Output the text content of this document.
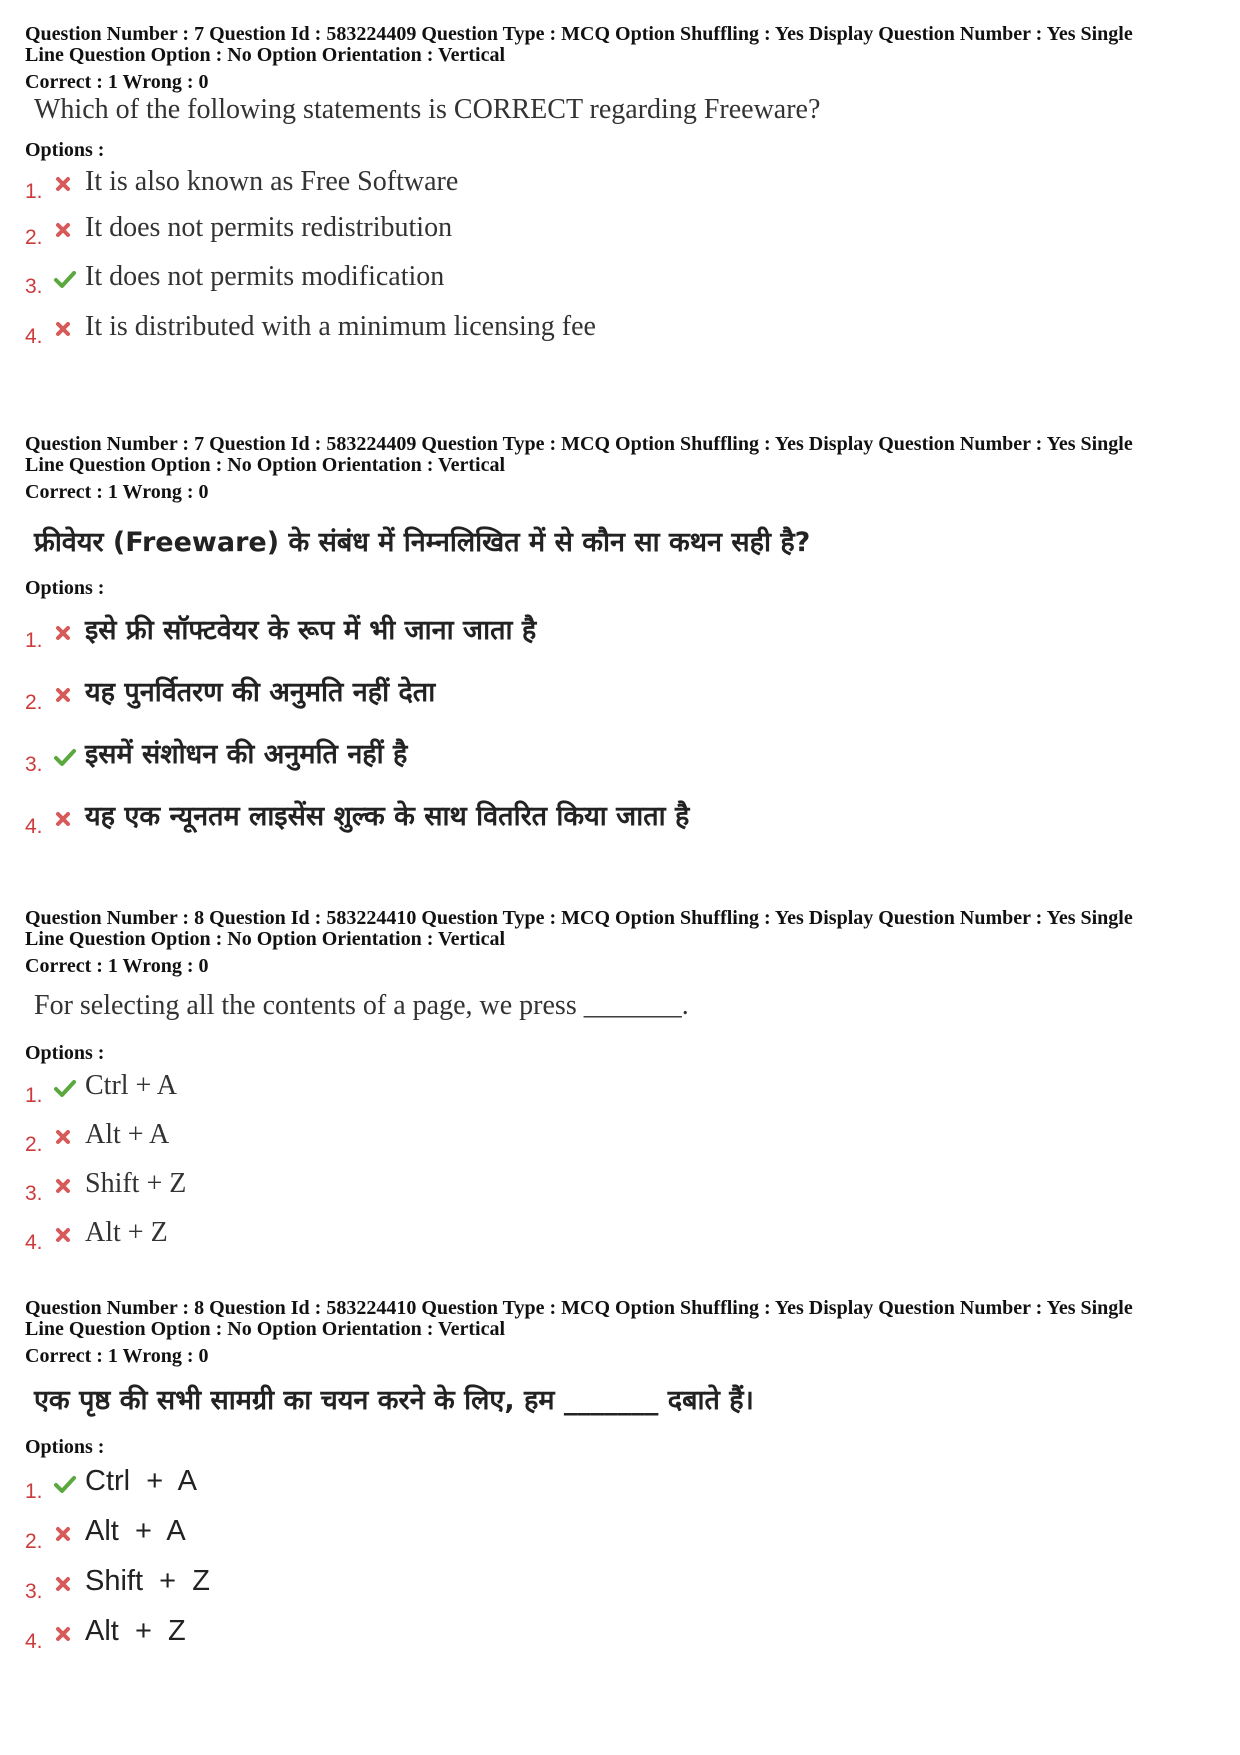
Question Number : 7 Question Id : 583224409 Question Type : MCQ Option Shuffling : Yes Display Question Number : Yes Single
Line Question Option : No Option Orientation : Vertical
Correct : 1 Wrong : 0
Which of the following statements is CORRECT regarding Freeware?
Options :
1.	It is also known as Free Software
2.	It does not permits redistribution
3.	It does not permits modification
4.	It is distributed with a minimum licensing fee
Question Number : 7 Question Id : 583224409 Question Type : MCQ Option Shuffling : Yes Display Question Number : Yes Single
Line Question Option : No Option Orientation : Vertical
Correct : 1 Wrong : 0
फ्रीवेयर (Freeware) के संबंध में निम्नलिखित में से कौन सा कथन सही है?
Options :
1.	इसे फ्री सॉफ्टवेयर के रूप में भी जाना जाता है
2.	यह पुनर्वितरण की अनुमति नहीं देता
3.	इसमें संशोधन की अनुमति नहीं है
4.	यह एक न्यूनतम लाइसेंस शुल्क के साथ वितरित किया जाता है
Question Number : 8 Question Id : 583224410 Question Type : MCQ Option Shuffling : Yes Display Question Number : Yes Single
Line Question Option : No Option Orientation : Vertical
Correct : 1 Wrong : 0
For selecting all the contents of a page, we press _______.
Options :
1.	Ctrl + A
2.	Alt + A
3.	Shift + Z
4.	Alt + Z
Question Number : 8 Question Id : 583224410 Question Type : MCQ Option Shuffling : Yes Display Question Number : Yes Single
Line Question Option : No Option Orientation : Vertical
Correct : 1 Wrong : 0
एक पृष्ठ की सभी सामग्री का चयन करने के लिए, हम _______ दबाते हैं।
Options :
1.	Ctrl  +  A
2.	Alt  +  A
3.	Shift  +  Z
4.	Alt  +  Z
